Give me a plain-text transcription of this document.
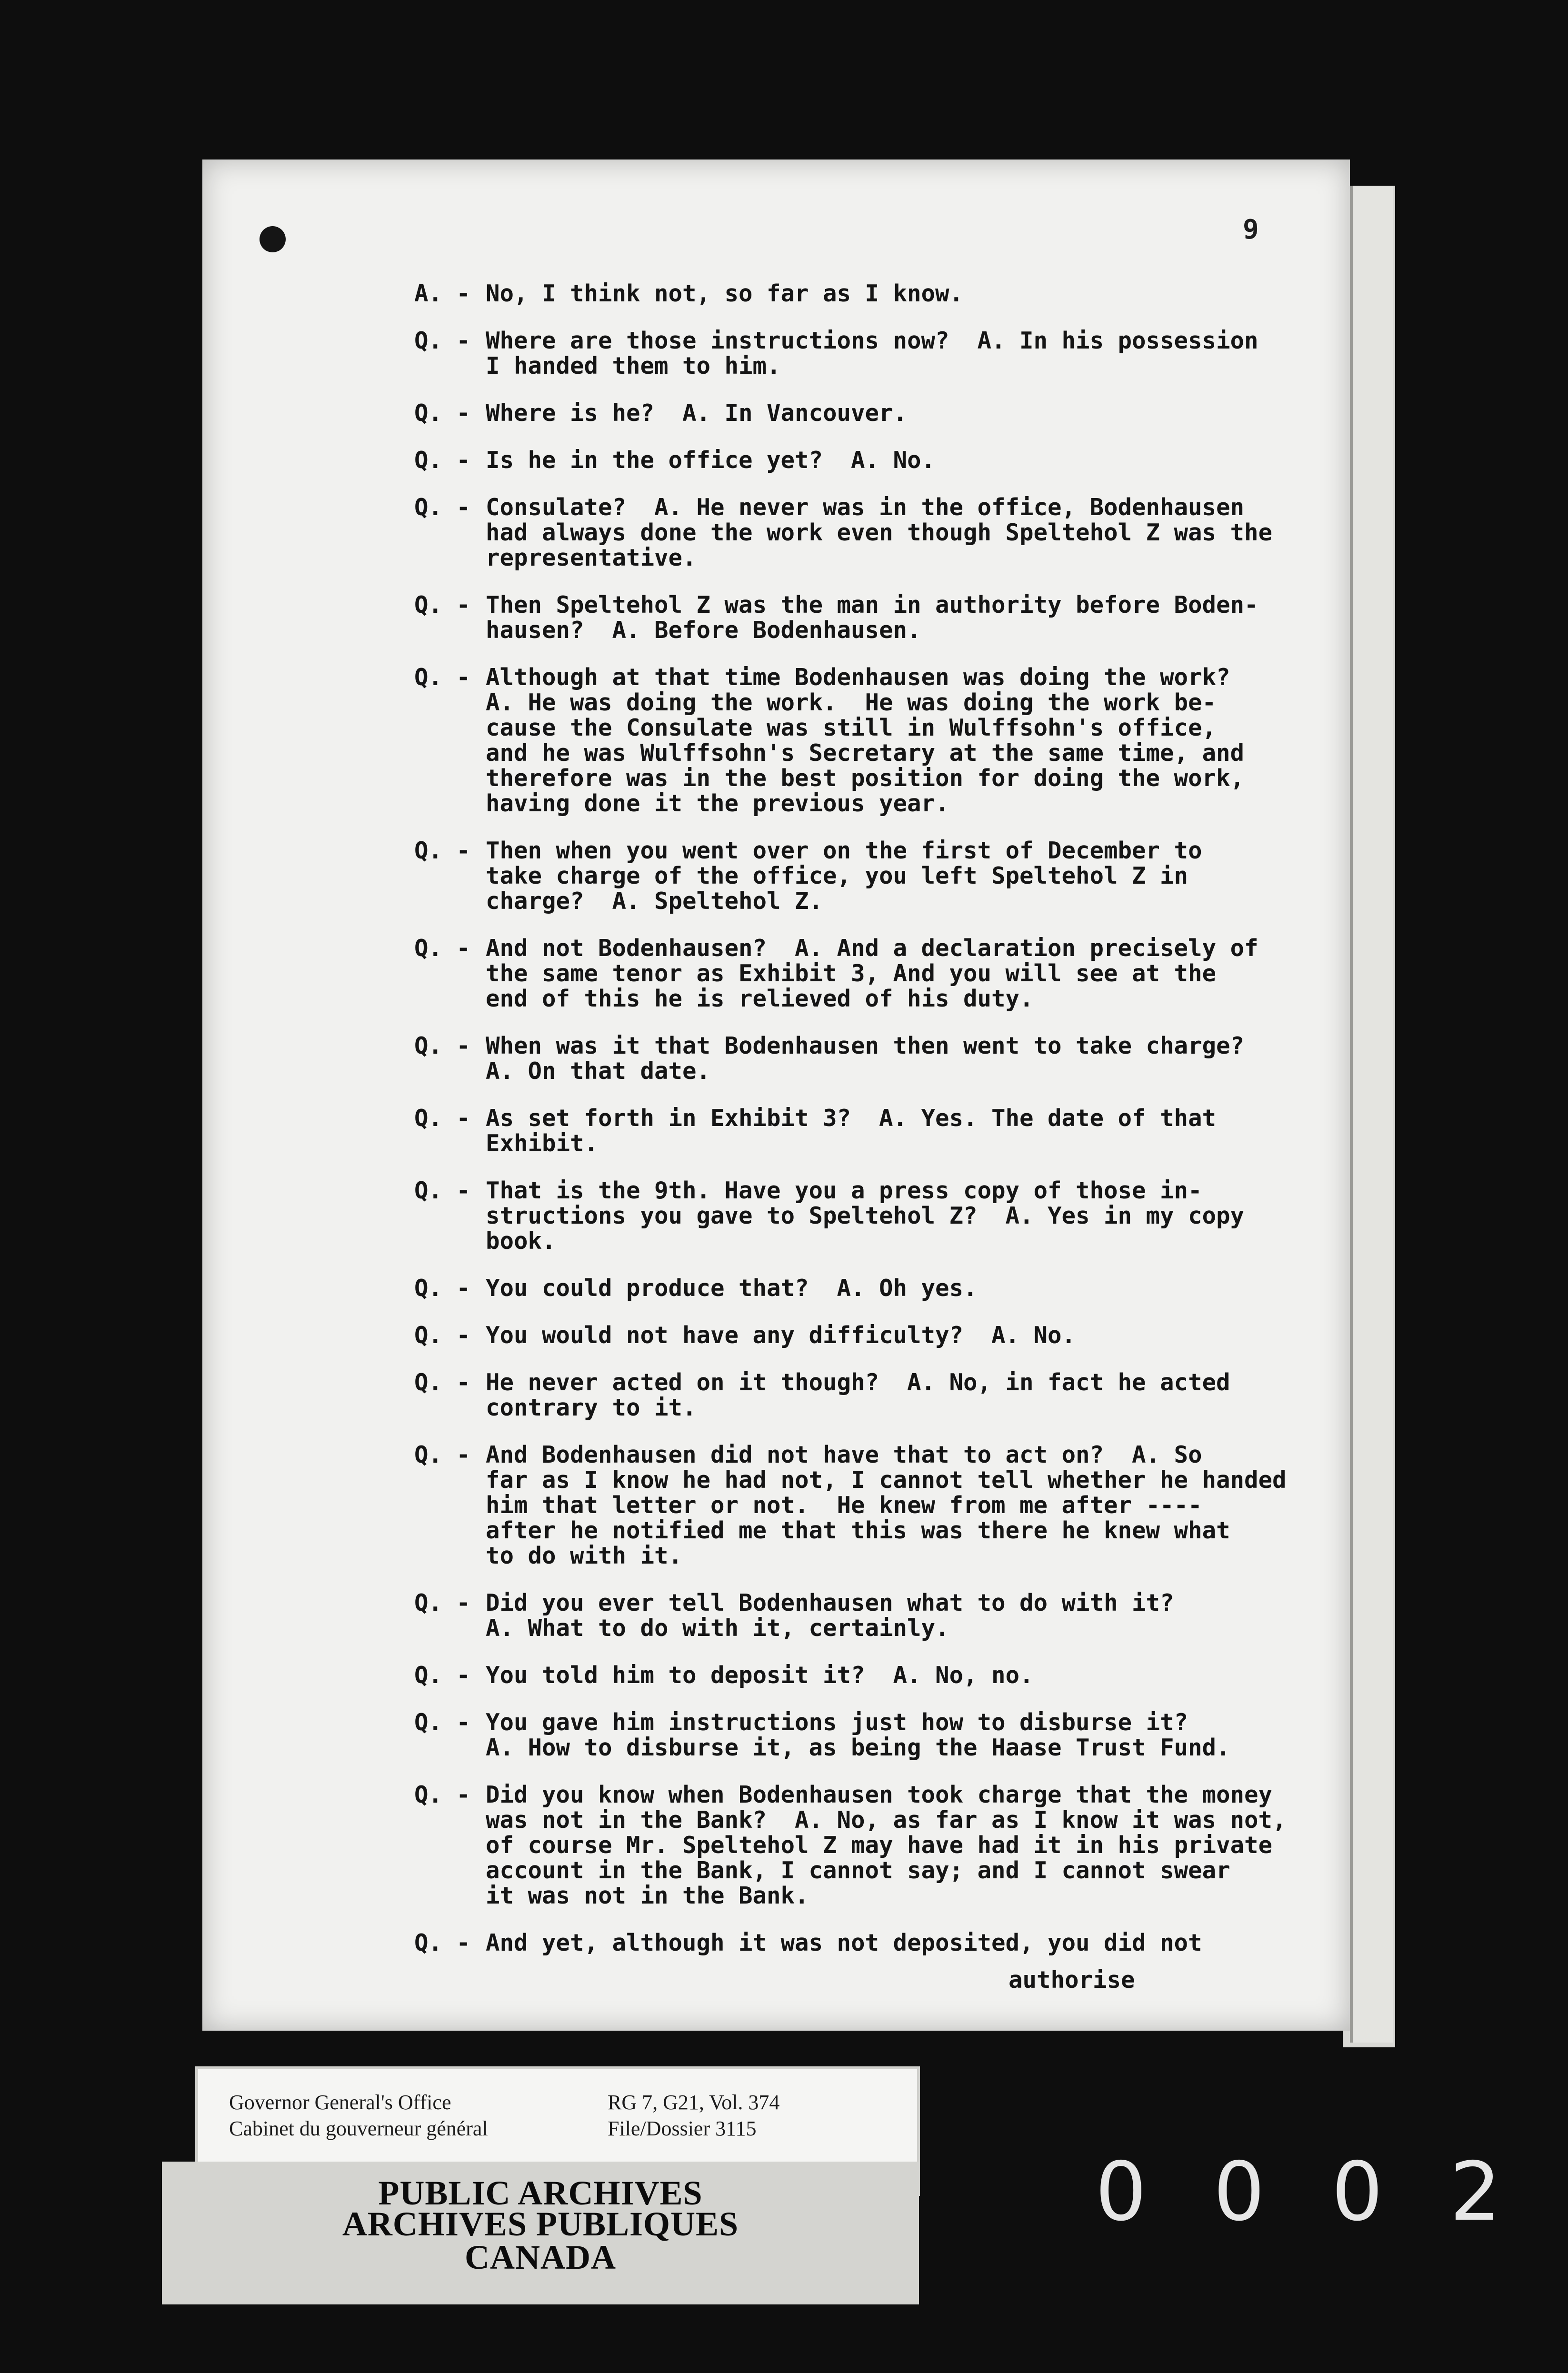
9
A. - No, I think not, so far as I know.
Q. - Where are those instructions now?  A. In his possession
I handed them to him.
Q. - Where is he?  A. In Vancouver.
Q. - Is he in the office yet?  A. No.
Q. - Consulate?  A. He never was in the office, Bodenhausen
had always done the work even though Speltehol Z was the
representative.
Q. - Then Speltehol Z was the man in authority before Boden-
hausen?  A. Before Bodenhausen.
Q. - Although at that time Bodenhausen was doing the work?
A. He was doing the work.  He was doing the work be-
cause the Consulate was still in Wulffsohn's office,
and he was Wulffsohn's Secretary at the same time, and
therefore was in the best position for doing the work,
having done it the previous year.
Q. - Then when you went over on the first of December to
take charge of the office, you left Speltehol Z in
charge?  A. Speltehol Z.
Q. - And not Bodenhausen?  A. And a declaration precisely of
the same tenor as Exhibit 3, And you will see at the
end of this he is relieved of his duty.
Q. - When was it that Bodenhausen then went to take charge?
A. On that date.
Q. - As set forth in Exhibit 3?  A. Yes. The date of that
Exhibit.
Q. - That is the 9th. Have you a press copy of those in-
structions you gave to Speltehol Z?  A. Yes in my copy
book.
Q. - You could produce that?  A. Oh yes.
Q. - You would not have any difficulty?  A. No.
Q. - He never acted on it though?  A. No, in fact he acted
contrary to it.
Q. - And Bodenhausen did not have that to act on?  A. So
far as I know he had not, I cannot tell whether he handed
him that letter or not.  He knew from me after ----
after he notified me that this was there he knew what
to do with it.
Q. - Did you ever tell Bodenhausen what to do with it?
A. What to do with it, certainly.
Q. - You told him to deposit it?  A. No, no.
Q. - You gave him instructions just how to disburse it?
A. How to disburse it, as being the Haase Trust Fund.
Q. - Did you know when Bodenhausen took charge that the money
was not in the Bank?  A. No, as far as I know it was not,
of course Mr. Speltehol Z may have had it in his private
account in the Bank, I cannot say; and I cannot swear
it was not in the Bank.
Q. - And yet, although it was not deposited, you did not
authorise
Governor General's Office
Cabinet du gouverneur général
RG 7, G21, Vol. 374
File/Dossier 3115
PUBLIC ARCHIVES
ARCHIVES PUBLIQUES
CANADA
0002
